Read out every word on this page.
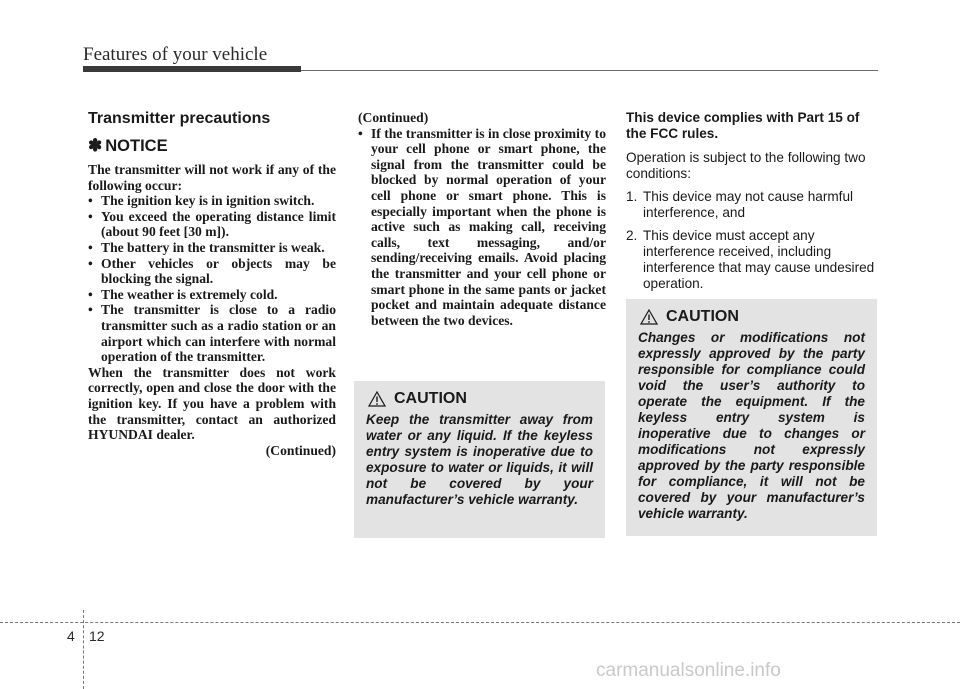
Features of your vehicle
Transmitter precautions
✽ NOTICE

The transmitter will not work if any of the following occur:

• The ignition key is in ignition switch.

• You exceed the operating distance limit (about 90 feet [30 m]).

• The battery in the transmitter is weak.

• Other vehicles or objects may be blocking the signal.

• The weather is extremely cold.

• The transmitter is close to a radio transmitter such as a radio station or an airport which can interfere with normal operation of the transmitter.

When the transmitter does not work correctly, open and close the door with the ignition key. If you have a problem with the transmitter, contact an authorized HYUNDAI dealer.

(Continued)

(Continued)

• If the transmitter is in close proximity to your cell phone or smart phone, the signal from the transmitter could be blocked by normal operation of your cell phone or smart phone. This is especially important when the phone is active such as making call, receiving calls, text messaging, and/or sending/receiving emails. Avoid placing the transmitter and your cell phone or smart phone in the same pants or jacket pocket and maintain adequate distance between the two devices.

CAUTION

Keep the transmitter away from water or any liquid. If the keyless entry system is inoperative due to exposure to water or liquids, it will not be covered by your manufacturer’s vehicle warranty.

This device complies with Part 15 of the FCC rules.

Operation is subject to the following two conditions:

1. This device may not cause harmful interference, and
2. This device must accept any interference received, including interference that may cause undesired operation.
CAUTION

Changes or modifications not expressly approved by the party responsible for compliance could void the user’s authority to operate the equipment. If the keyless entry system is inoperative due to changes or modifications not expressly approved by the party responsible for compliance, it will not be covered by your manufacturer’s vehicle warranty.

4 12
carmanualsonline.info
